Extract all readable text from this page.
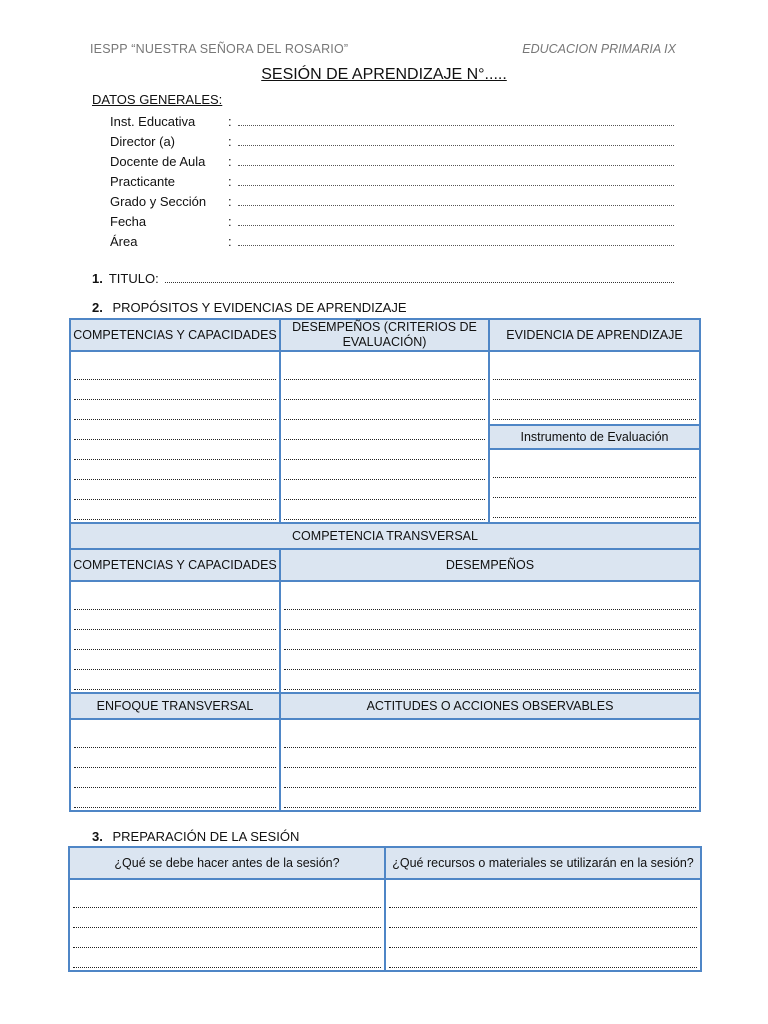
IESPP “NUESTRA SEÑORA DEL ROSARIO”	EDUCACION PRIMARIA IX
SESIÓN DE APRENDIZAJE N°.....
DATOS GENERALES:
Inst. Educativa	:
Director (a)	:
Docente de Aula	:
Practicante	:
Grado y Sección	:
Fecha	:
Área	:
1. TITULO:
2. PROPÓSITOS Y EVIDENCIAS DE APRENDIZAJE
COMPETENCIAS Y CAPACIDADES	DESEMPEÑOS (CRITERIOS DE EVALUACIÓN)	EVIDENCIA DE APRENDIZAJE

		Instrumento de Evaluación

COMPETENCIA TRANSVERSAL		
COMPETENCIAS Y CAPACIDADES	DESEMPEÑOS	

ENFOQUE TRANSVERSAL	ACTITUDES O ACCIONES OBSERVABLES	

3. PREPARACIÓN DE LA SESIÓN
¿Qué se debe hacer antes de la sesión?	¿Qué recursos o materiales se utilizarán en la sesión?
